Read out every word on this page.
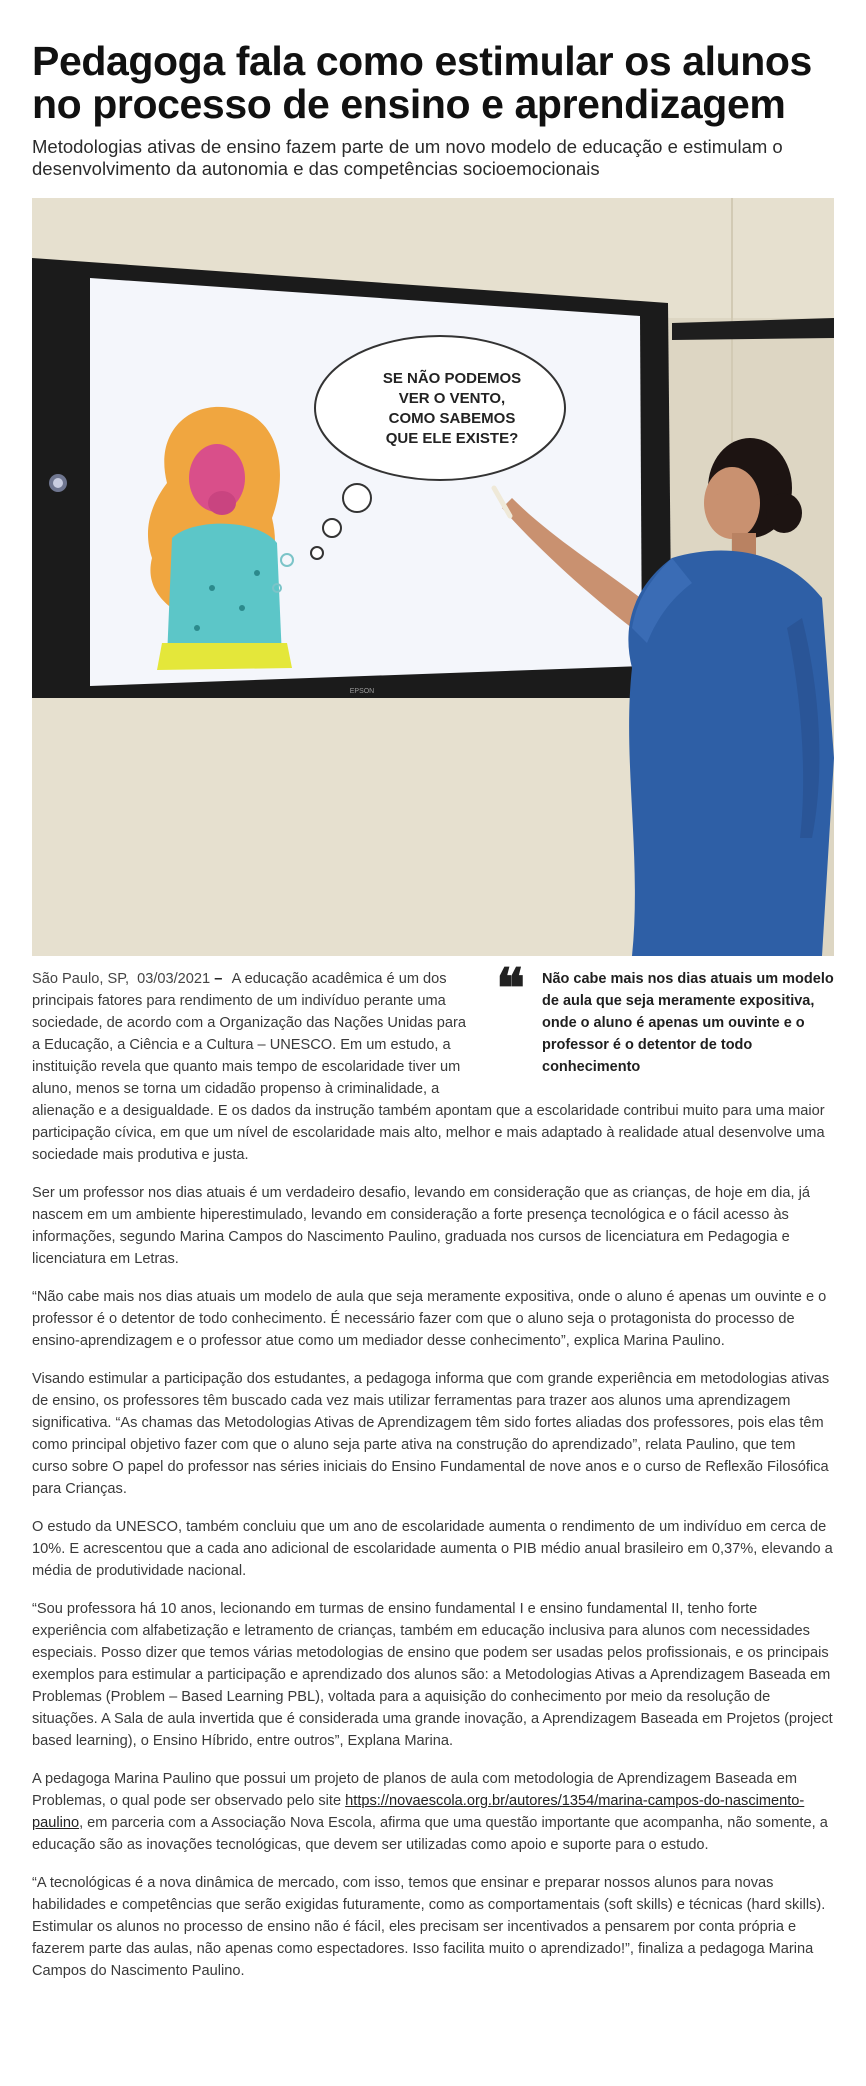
Pedagoga fala como estimular os alunos no processo de ensino e aprendizagem

Metodologias ativas de ensino fazem parte de um novo modelo de educação e estimulam o desenvolvimento da autonomia e das competências socioemocionais

SE NÃO PODEMOS
VER O VENTO,
COMO SABEMOS
QUE ELE EXISTE?
EPSON
❝	Não cabe mais nos dias atuais um modelo de aula que seja meramente expositiva, onde o aluno é apenas um ouvinte e o professor é o detentor de todo conhecimento

São Paulo, SP, 03/03/2021 – A educação acadêmica é um dos principais fatores para rendimento de um indivíduo perante uma sociedade, de acordo com a Organização das Nações Unidas para a Educação, a Ciência e a Cultura – UNESCO. Em um estudo, a instituição revela que quanto mais tempo de escolaridade tiver um aluno, menos se torna um cidadão propenso à criminalidade, a alienação e a desigualdade. E os dados da instrução também apontam que a escolaridade contribui muito para uma maior participação cívica, em que um nível de escolaridade mais alto, melhor e mais adaptado à realidade atual desenvolve uma sociedade mais produtiva e justa.

Ser um professor nos dias atuais é um verdadeiro desafio, levando em consideração que as crianças, de hoje em dia, já nascem em um ambiente hiperestimulado, levando em consideração a forte presença tecnológica e o fácil acesso às informações, segundo Marina Campos do Nascimento Paulino, graduada nos cursos de licenciatura em Pedagogia e licenciatura em Letras.

“Não cabe mais nos dias atuais um modelo de aula que seja meramente expositiva, onde o aluno é apenas um ouvinte e o professor é o detentor de todo conhecimento. É necessário fazer com que o aluno seja o protagonista do processo de ensino-aprendizagem e o professor atue como um mediador desse conhecimento”, explica Marina Paulino.

Visando estimular a participação dos estudantes, a pedagoga informa que com grande experiência em metodologias ativas de ensino, os professores têm buscado cada vez mais utilizar ferramentas para trazer aos alunos uma aprendizagem significativa. “As chamas das Metodologias Ativas de Aprendizagem têm sido fortes aliadas dos professores, pois elas têm como principal objetivo fazer com que o aluno seja parte ativa na construção do aprendizado”, relata Paulino, que tem curso sobre O papel do professor nas séries iniciais do Ensino Fundamental de nove anos e o curso de Reflexão Filosófica para Crianças.

O estudo da UNESCO, também concluiu que um ano de escolaridade aumenta o rendimento de um indivíduo em cerca de 10%. E acrescentou que a cada ano adicional de escolaridade aumenta o PIB médio anual brasileiro em 0,37%, elevando a média de produtividade nacional.

“Sou professora há 10 anos, lecionando em turmas de ensino fundamental I e ensino fundamental II, tenho forte experiência com alfabetização e letramento de crianças, também em educação inclusiva para alunos com necessidades especiais. Posso dizer que temos várias metodologias de ensino que podem ser usadas pelos profissionais, e os principais exemplos para estimular a participação e aprendizado dos alunos são: a Metodologias Ativas a Aprendizagem Baseada em Problemas (Problem – Based Learning PBL), voltada para a aquisição do conhecimento por meio da resolução de situações. A Sala de aula invertida que é considerada uma grande inovação, a Aprendizagem Baseada em Projetos (project based learning), o Ensino Híbrido, entre outros”, Explana Marina.

A pedagoga Marina Paulino que possui um projeto de planos de aula com metodologia de Aprendizagem Baseada em Problemas, o qual pode ser observado pelo site https://novaescola.org.br/autores/1354/marina-campos-do-nascimento-paulino, em parceria com a Associação Nova Escola, afirma que uma questão importante que acompanha, não somente, a educação são as inovações tecnológicas, que devem ser utilizadas como apoio e suporte para o estudo.

“A tecnológicas é a nova dinâmica de mercado, com isso, temos que ensinar e preparar nossos alunos para novas habilidades e competências que serão exigidas futuramente, como as comportamentais (soft skills) e técnicas (hard skills). Estimular os alunos no processo de ensino não é fácil, eles precisam ser incentivados a pensarem por conta própria e fazerem parte das aulas, não apenas como espectadores. Isso facilita muito o aprendizado!”, finaliza a pedagoga Marina Campos do Nascimento Paulino.
